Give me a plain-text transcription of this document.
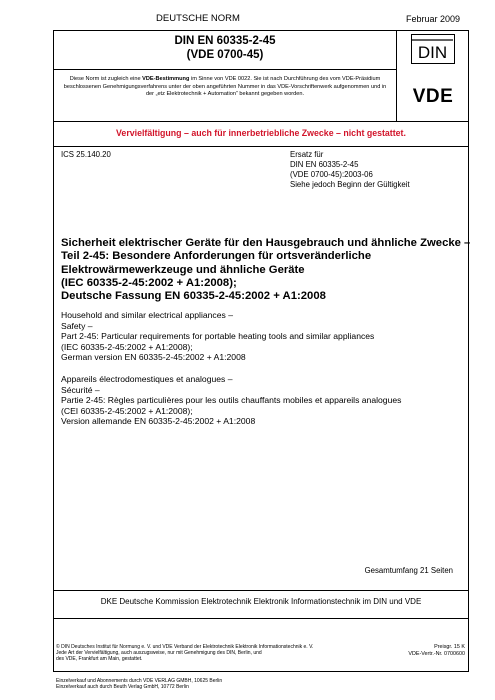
DEUTSCHE NORM	Februar 2009
DIN EN 60335-2-45
(VDE 0700-45)	DIN
Diese Norm ist zugleich eine VDE-Bestimmung im Sinne von VDE 0022. Sie ist nach Durchführung des vom VDE-Präsidium beschlossenen Genehmigungsverfahrens unter der oben angeführten Nummer in das VDE-Vorschriftenwerk aufgenommen und in der „etz Elektrotechnik + Automation“ bekannt gegeben worden.	VDE
Vervielfältigung – auch für innerbetriebliche Zwecke – nicht gestattet.
ICS 25.140.20	Ersatz für
DIN EN 60335-2-45
(VDE 0700-45):2003-06
Siehe jedoch Beginn der Gültigkeit
Sicherheit elektrischer Geräte für den Hausgebrauch und ähnliche Zwecke –
Teil 2-45: Besondere Anforderungen für ortsveränderliche
Elektrowärmewerkzeuge und ähnliche Geräte
(IEC 60335-2-45:2002 + A1:2008);
Deutsche Fassung EN 60335-2-45:2002 + A1:2008
Household and similar electrical appliances –
Safety –
Part 2-45: Particular requirements for portable heating tools and similar appliances
(IEC 60335-2-45:2002 + A1:2008);
German version EN 60335-2-45:2002 + A1:2008
Appareils électrodomestiques et analogues –
Sécurité –
Partie 2-45: Règles particulières pour les outils chauffants mobiles et appareils analogues
(CEI 60335-2-45:2002 + A1:2008);
Version allemande EN 60335-2-45:2002 + A1:2008
Gesamtumfang 21 Seiten
DKE Deutsche Kommission Elektrotechnik Elektronik Informationstechnik im DIN und VDE
© DIN Deutsches Institut für Normung e. V. und VDE Verband der Elektrotechnik Elektronik Informationstechnik e. V.
Jede Art der Vervielfältigung, auch auszugsweise, nur mit Genehmigung des DIN, Berlin, und
des VDE, Frankfurt am Main, gestattet.
Preisgr. 15 K
VDE-Vertr.-Nr. 0700600
Einzelverkauf und Abonnements durch VDE VERLAG GMBH, 10625 Berlin
Einzelverkauf auch durch Beuth Verlag GmbH, 10772 Berlin
